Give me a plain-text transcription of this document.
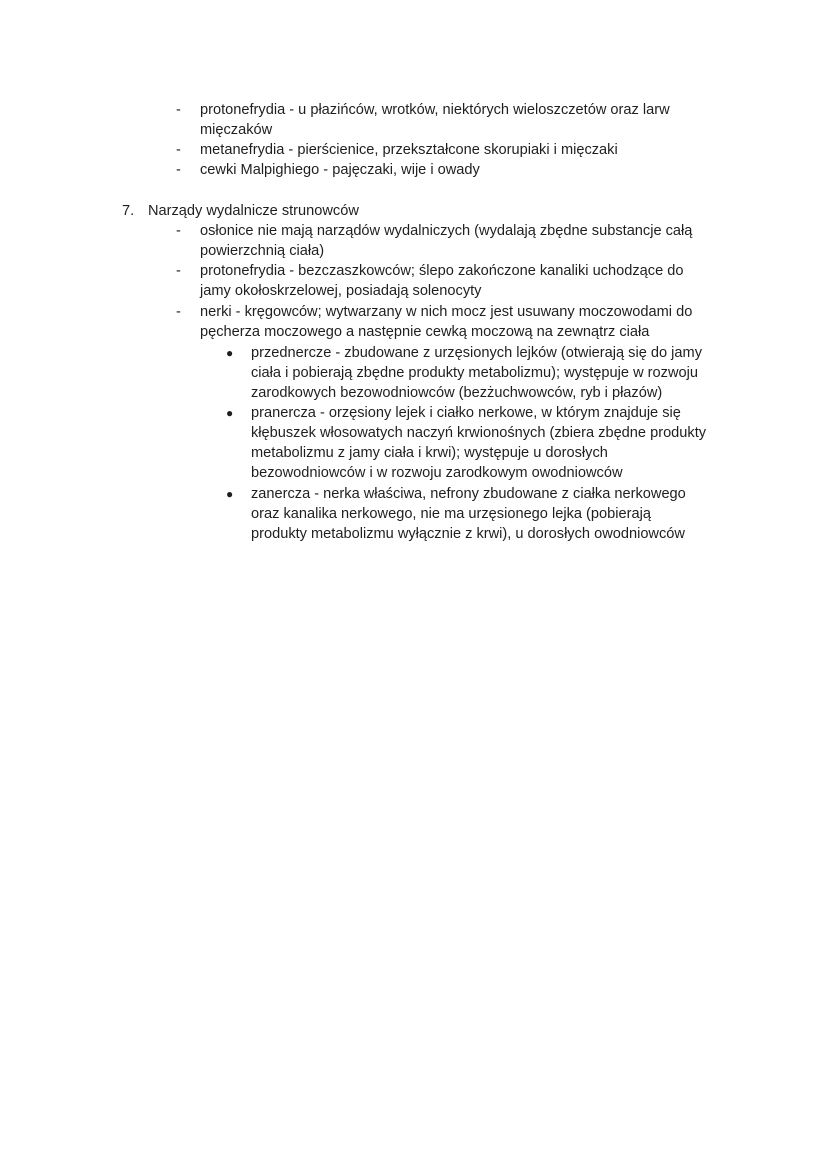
- protonefrydia - u płazińców, wrotków, niektórych wieloszczetów oraz larw
mięczaków
- metanefrydia - pierścienice, przekształcone skorupiaki i mięczaki
- cewki Malpighiego - pajęczaki, wije i owady
7. Narządy wydalnicze strunowców
- osłonice nie mają narządów wydalniczych (wydalają zbędne substancje całą
powierzchnią ciała)
- protonefrydia - bezczaszkowców; ślepo zakończone kanaliki uchodzące do
jamy okołoskrzelowej, posiadają solenocyty
- nerki - kręgowców; wytwarzany w nich mocz jest usuwany moczowodami do
pęcherza moczowego a następnie cewką moczową na zewnątrz ciała
● przednercze - zbudowane z urzęsionych lejków (otwierają się do jamy
ciała i pobierają zbędne produkty metabolizmu); występuje w rozwoju
zarodkowych bezowodniowców (bezżuchwowców, ryb i płazów)
● pranercza - orzęsiony lejek i ciałko nerkowe, w którym znajduje się
kłębuszek włosowatych naczyń krwionośnych (zbiera zbędne produkty
metabolizmu z jamy ciała i krwi); występuje u dorosłych
bezowodniowców i w rozwoju zarodkowym owodniowców
● zanercza - nerka właściwa, nefrony zbudowane z ciałka nerkowego
oraz kanalika nerkowego, nie ma urzęsionego lejka (pobierają
produkty metabolizmu wyłącznie z krwi), u dorosłych owodniowców
